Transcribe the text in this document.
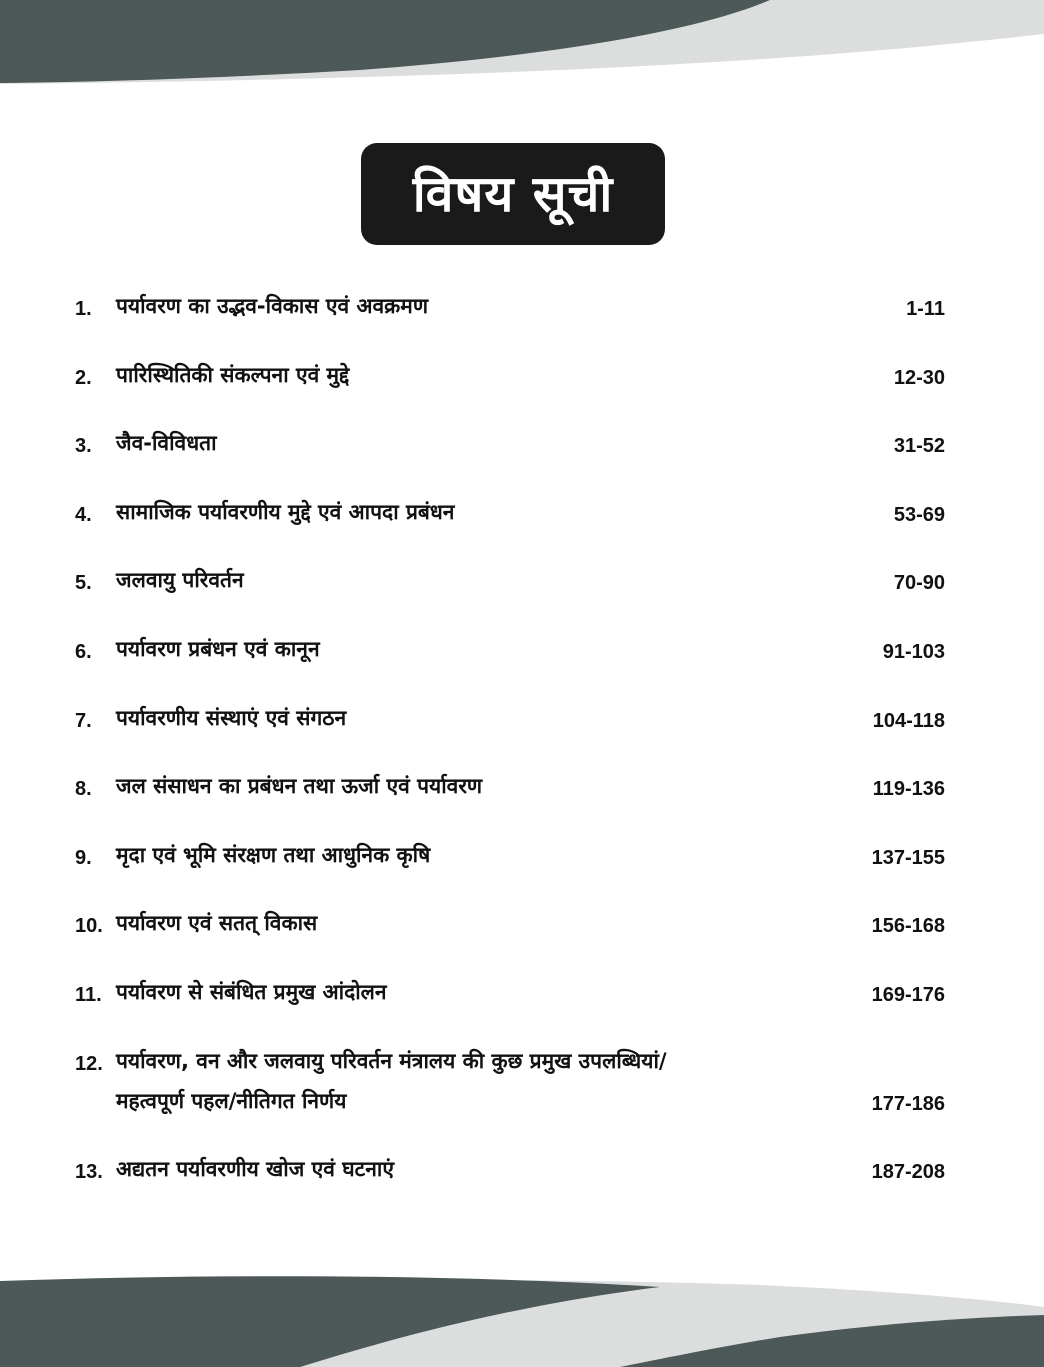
विषय सूची
1.	पर्यावरण का उद्भव-विकास एवं अवक्रमण	1-11
2.	पारिस्थितिकी संकल्पना एवं मुद्दे	12-30
3.	जैव-विविधता	31-52
4.	सामाजिक पर्यावरणीय मुद्दे एवं आपदा प्रबंधन	53-69
5.	जलवायु परिवर्तन	70-90
6.	पर्यावरण प्रबंधन एवं कानून	91-103
7.	पर्यावरणीय संस्थाएं एवं संगठन	104-118
8.	जल संसाधन का प्रबंधन तथा ऊर्जा एवं पर्यावरण	119-136
9.	मृदा एवं भूमि संरक्षण तथा आधुनिक कृषि	137-155
10. पर्यावरण एवं सतत् विकास	156-168
11. पर्यावरण से संबंधित प्रमुख आंदोलन	169-176
12. पर्यावरण, वन और जलवायु परिवर्तन मंत्रालय की कुछ प्रमुख उपलब्धियां/महत्वपूर्ण पहल/नीतिगत निर्णय	177-186
13. अद्यतन पर्यावरणीय खोज एवं घटनाएं	187-208
